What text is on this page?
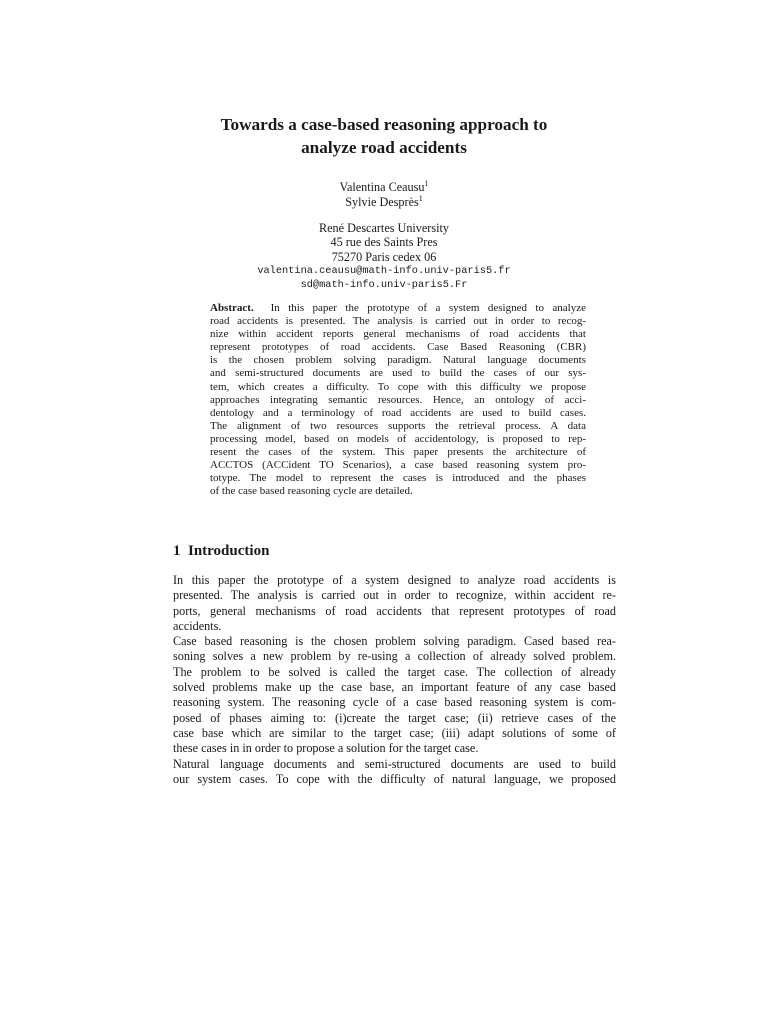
Towards a case-based reasoning approach to
analyze road accidents
Valentina Ceausu$^1$
Sylvie Desprès$^1$
René Descartes University
45 rue des Saints Pres
75270 Paris cedex 06
valentina.ceausu@math-info.univ-paris5.fr
sd@math-info.univ-paris5.Fr
Abstract. In this paper the prototype of a system designed to analyze
road accidents is presented. The analysis is carried out in order to recog-
nize within accident reports general mechanisms of road accidents that
represent prototypes of road accidents. Case Based Reasoning (CBR)
is the chosen problem solving paradigm. Natural language documents
and semi-structured documents are used to build the cases of our sys-
tem, which creates a difficulty. To cope with this difficulty we propose
approaches integrating semantic resources. Hence, an ontology of acci-
dentology and a terminology of road accidents are used to build cases.
The alignment of two resources supports the retrieval process. A data
processing model, based on models of accidentology, is proposed to rep-
resent the cases of the system. This paper presents the architecture of
ACCTOS (ACCident TO Scenarios), a case based reasoning system pro-
totype. The model to represent the cases is introduced and the phases
of the case based reasoning cycle are detailed.
1 Introduction
In this paper the prototype of a system designed to analyze road accidents is
presented. The analysis is carried out in order to recognize, within accident re-
ports, general mechanisms of road accidents that represent prototypes of road
accidents.
Case based reasoning is the chosen problem solving paradigm. Cased based rea-
soning solves a new problem by re-using a collection of already solved problem.
The problem to be solved is called the target case. The collection of already
solved problems make up the case base, an important feature of any case based
reasoning system. The reasoning cycle of a case based reasoning system is com-
posed of phases aiming to: (i)create the target case; (ii) retrieve cases of the
case base which are similar to the target case; (iii) adapt solutions of some of
these cases in in order to propose a solution for the target case.
Natural language documents and semi-structured documents are used to build
our system cases. To cope with the difficulty of natural language, we proposed
